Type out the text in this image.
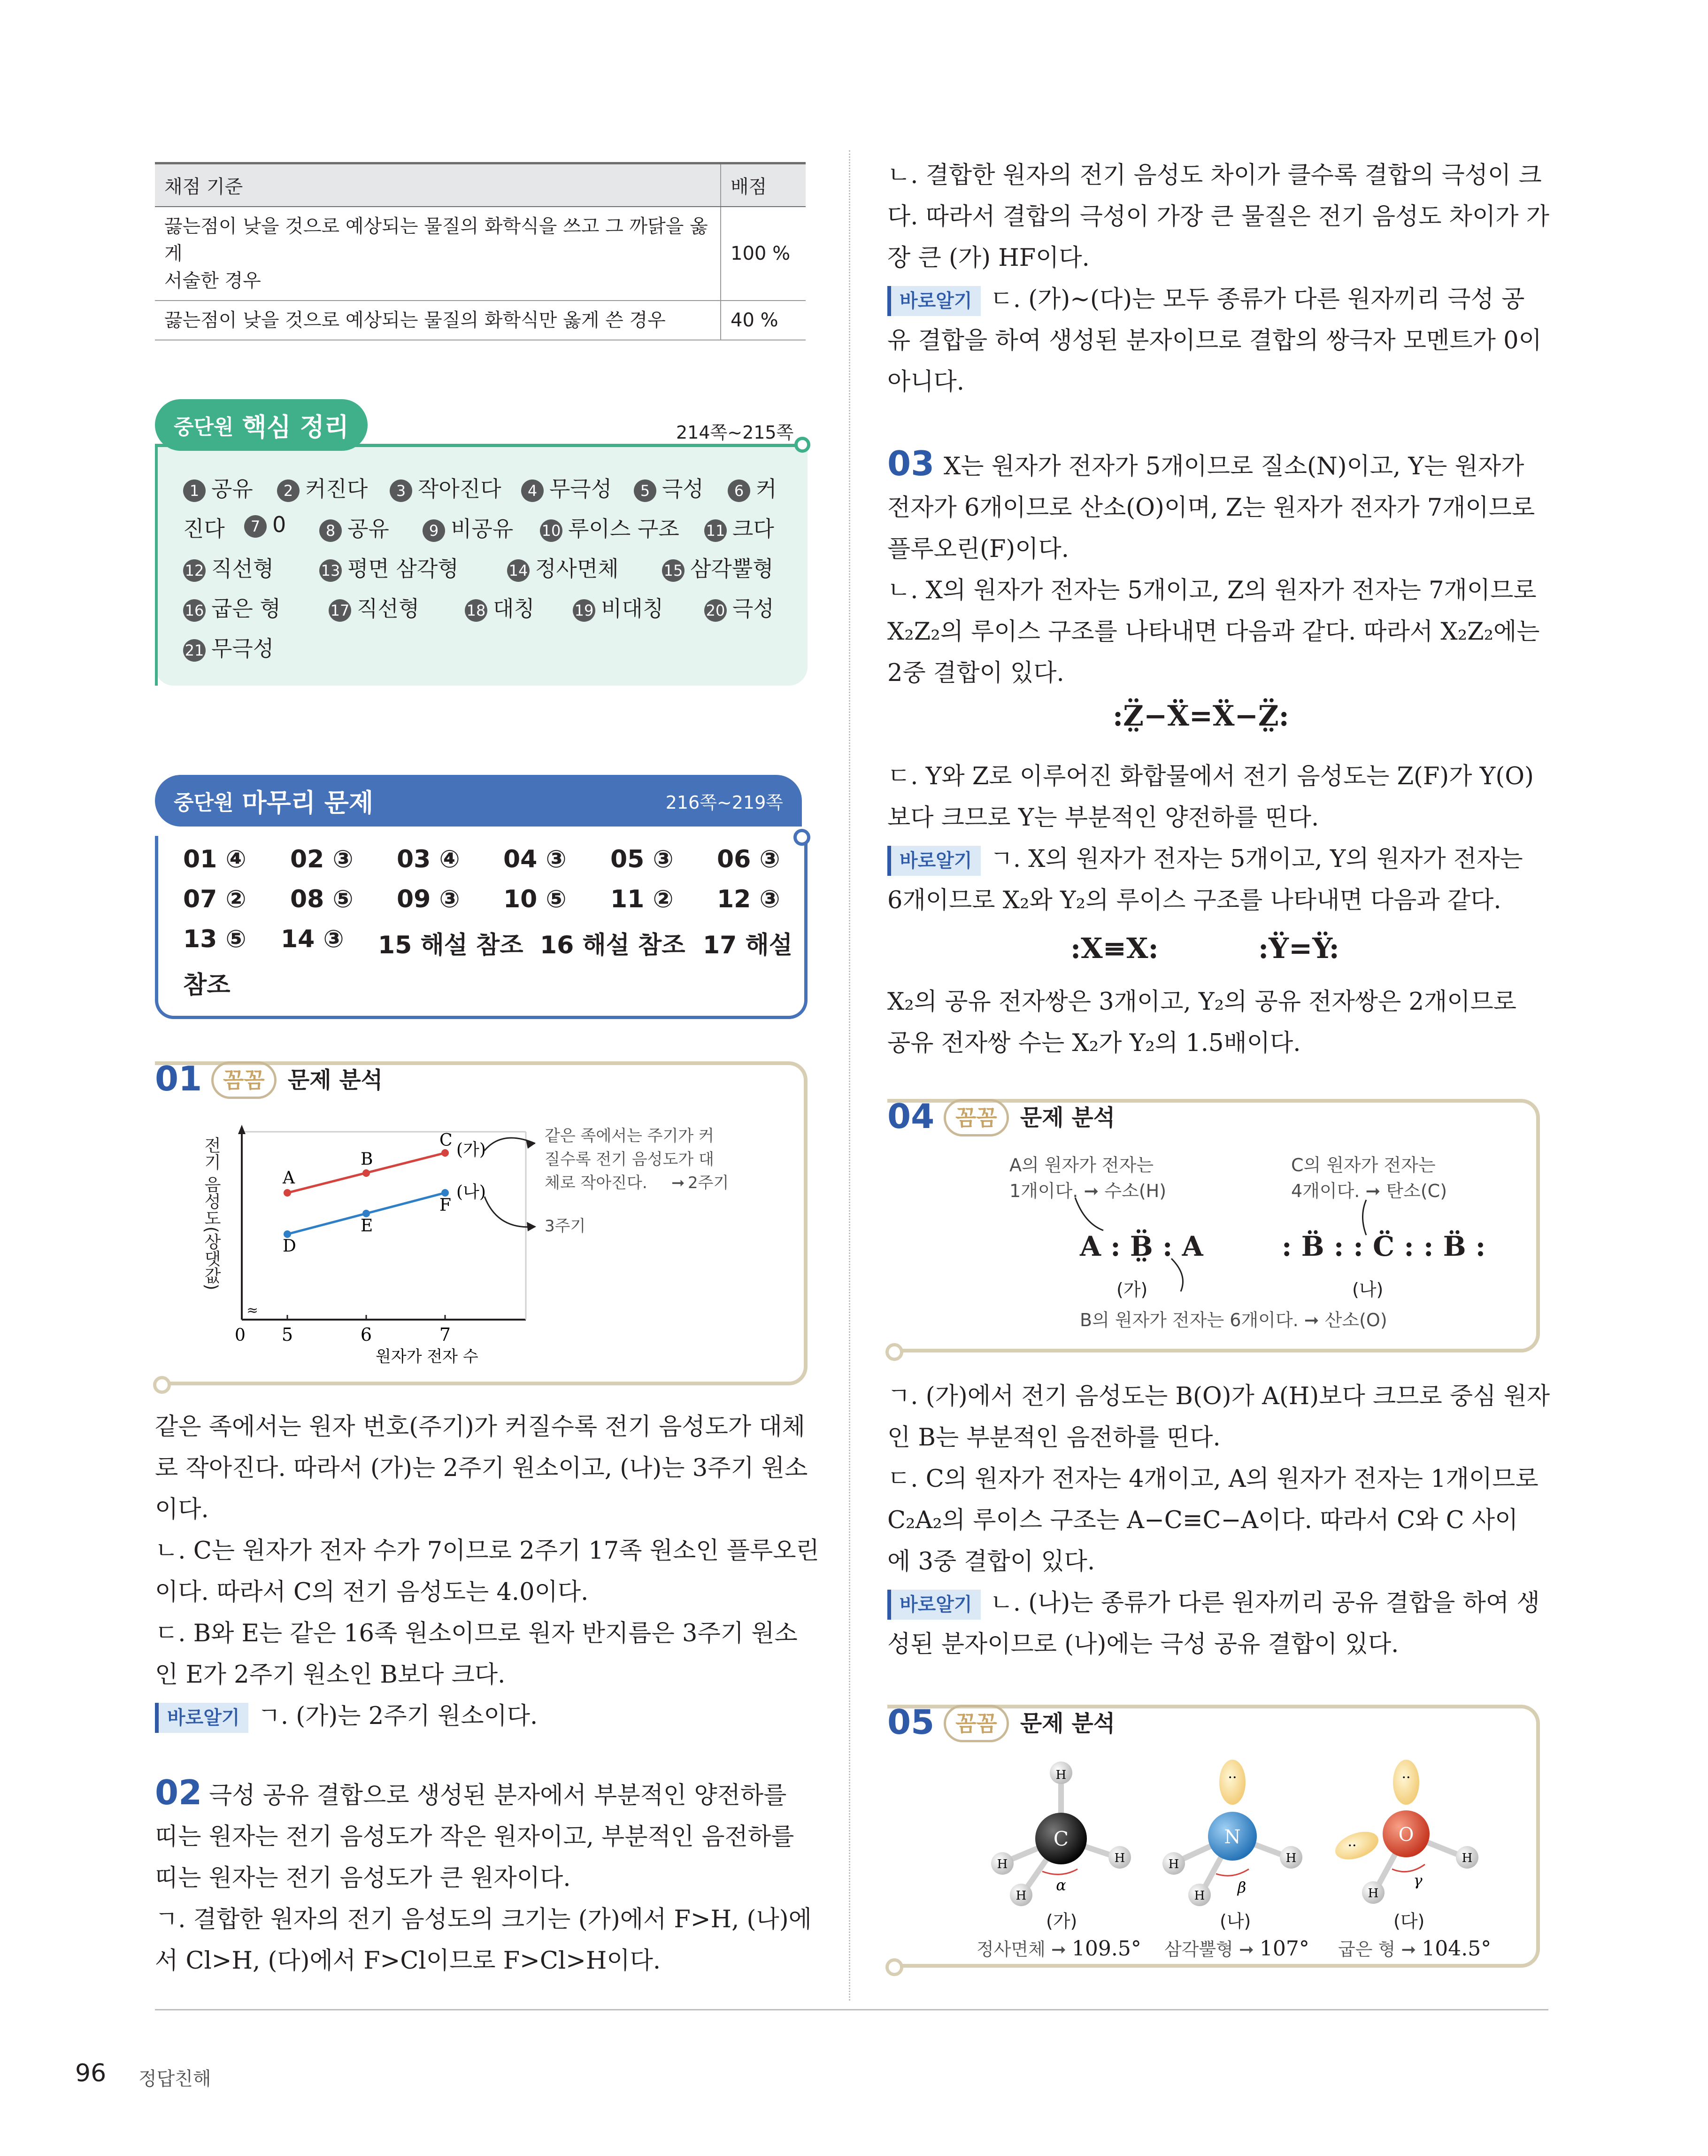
채점 기준	배점
끓는점이 낮을 것으로 예상되는 물질의 화학식을 쓰고 그 까닭을 옳게
서술한 경우	100 %
끓는점이 낮을 것으로 예상되는 물질의 화학식만 옳게 쓴 경우	40 %
중단원 핵심 정리	214쪽~215쪽
1 공유	2 커진다	3 작아진다	4 무극성	5 극성	6 커
진다	7 0	8 공유	9 비공유 10 루이스 구조 11 크다
12 직선형	13 평면 삼각형	14 정사면체	15 삼각뿔형
16 굽은 형	17 직선형	18 대칭	19 비대칭	20 극성
21 무극성
중단원 마무리 문제	216쪽~219쪽
01 ④ 02 ③ 03 ④ 04 ③ 05 ③ 06 ③
07 ② 08 ⑤ 09 ③ 10 ⑤ 11 ② 12 ③
13 ⑤ 14 ③ 15 해설 참조 16 해설 참조 17 해설
참조
01 꼼꼼 문제 분석
≈
전기 음성도(상댓값)
0 5	6	7
원자가 전자 수
A
B
C (가)
D
E
F
(나)
같은 족에서는 주기가 커
질수록 전기 음성도가 대
체로 작아진다. ➞ 2주기
3주기
같은 족에서는 원자 번호(주기)가 커질수록 전기 음성도가 대체
로 작아진다. 따라서 (가)는 2주기 원소이고, (나)는 3주기 원소
이다.
ㄴ. C는 원자가 전자 수가 7이므로 2주기 17족 원소인 플루오린
이다. 따라서 C의 전기 음성도는 4.0이다.
ㄷ. B와 E는 같은 16족 원소이므로 원자 반지름은 3주기 원소
인 E가 2주기 원소인 B보다 크다.
바로알기 ㄱ. (가)는 2주기 원소이다.
02 극성 공유 결합으로 생성된 분자에서 부분적인 양전하를
띠는 원자는 전기 음성도가 작은 원자이고, 부분적인 음전하를
띠는 원자는 전기 음성도가 큰 원자이다.
ㄱ. 결합한 원자의 전기 음성도의 크기는 (가)에서 F>H, (나)에
서 Cl>H, (다)에서 F>Cl이므로 F>Cl>H이다.
ㄴ. 결합한 원자의 전기 음성도 차이가 클수록 결합의 극성이 크
다. 따라서 결합의 극성이 가장 큰 물질은 전기 음성도 차이가 가
장 큰 (가) HF이다.
바로알기 ㄷ. (가)~(다)는 모두 종류가 다른 원자끼리 극성 공
유 결합을 하여 생성된 분자이므로 결합의 쌍극자 모멘트가 0이
아니다.
03 X는 원자가 전자가 5개이므로 질소(N)이고, Y는 원자가
전자가 6개이므로 산소(O)이며, Z는 원자가 전자가 7개이므로
플루오린(F)이다.
ㄴ. X의 원자가 전자는 5개이고, Z의 원자가 전자는 7개이므로
X₂Z₂의 루이스 구조를 나타내면 다음과 같다. 따라서 X₂Z₂에는
2중 결합이 있다.
:Z̤̈−Ẍ=Ẍ−Z̤̈:
ㄷ. Y와 Z로 이루어진 화합물에서 전기 음성도는 Z(F)가 Y(O)
보다 크므로 Y는 부분적인 양전하를 띤다.
바로알기 ㄱ. X의 원자가 전자는 5개이고, Y의 원자가 전자는
6개이므로 X₂와 Y₂의 루이스 구조를 나타내면 다음과 같다.
:X≡X:	:Ÿ=Ÿ:
X₂의 공유 전자쌍은 3개이고, Y₂의 공유 전자쌍은 2개이므로
공유 전자쌍 수는 X₂가 Y₂의 1.5배이다.
04 꼼꼼 문제 분석
A의 원자가 전자는
1개이다. ➞ 수소(H)
C의 원자가 전자는
4개이다. ➞ 탄소(C)
A : B̤̈ : A	: B̈ : : C̈ : : B̈ :
(가)	(나)
B의 원자가 전자는 6개이다. ➞ 산소(O)
ㄱ. (가)에서 전기 음성도는 B(O)가 A(H)보다 크므로 중심 원자
인 B는 부분적인 음전하를 띤다.
ㄷ. C의 원자가 전자는 4개이고, A의 원자가 전자는 1개이므로
C₂A₂의 루이스 구조는 A−C≡C−A이다. 따라서 C와 C 사이
에 3중 결합이 있다.
바로알기 ㄴ. (나)는 종류가 다른 원자끼리 공유 결합을 하여 생
성된 분자이므로 (나)에는 극성 공유 결합이 있다.
05 꼼꼼 문제 분석
C
H
H	H
H
α
··
N
H	H
H β
··
··
O
H
H
γ
(가)	(나)	(다)
정사면체 ➞ 109.5° 삼각뿔형 ➞ 107° 굽은 형 ➞ 104.5°
96 정답친해
